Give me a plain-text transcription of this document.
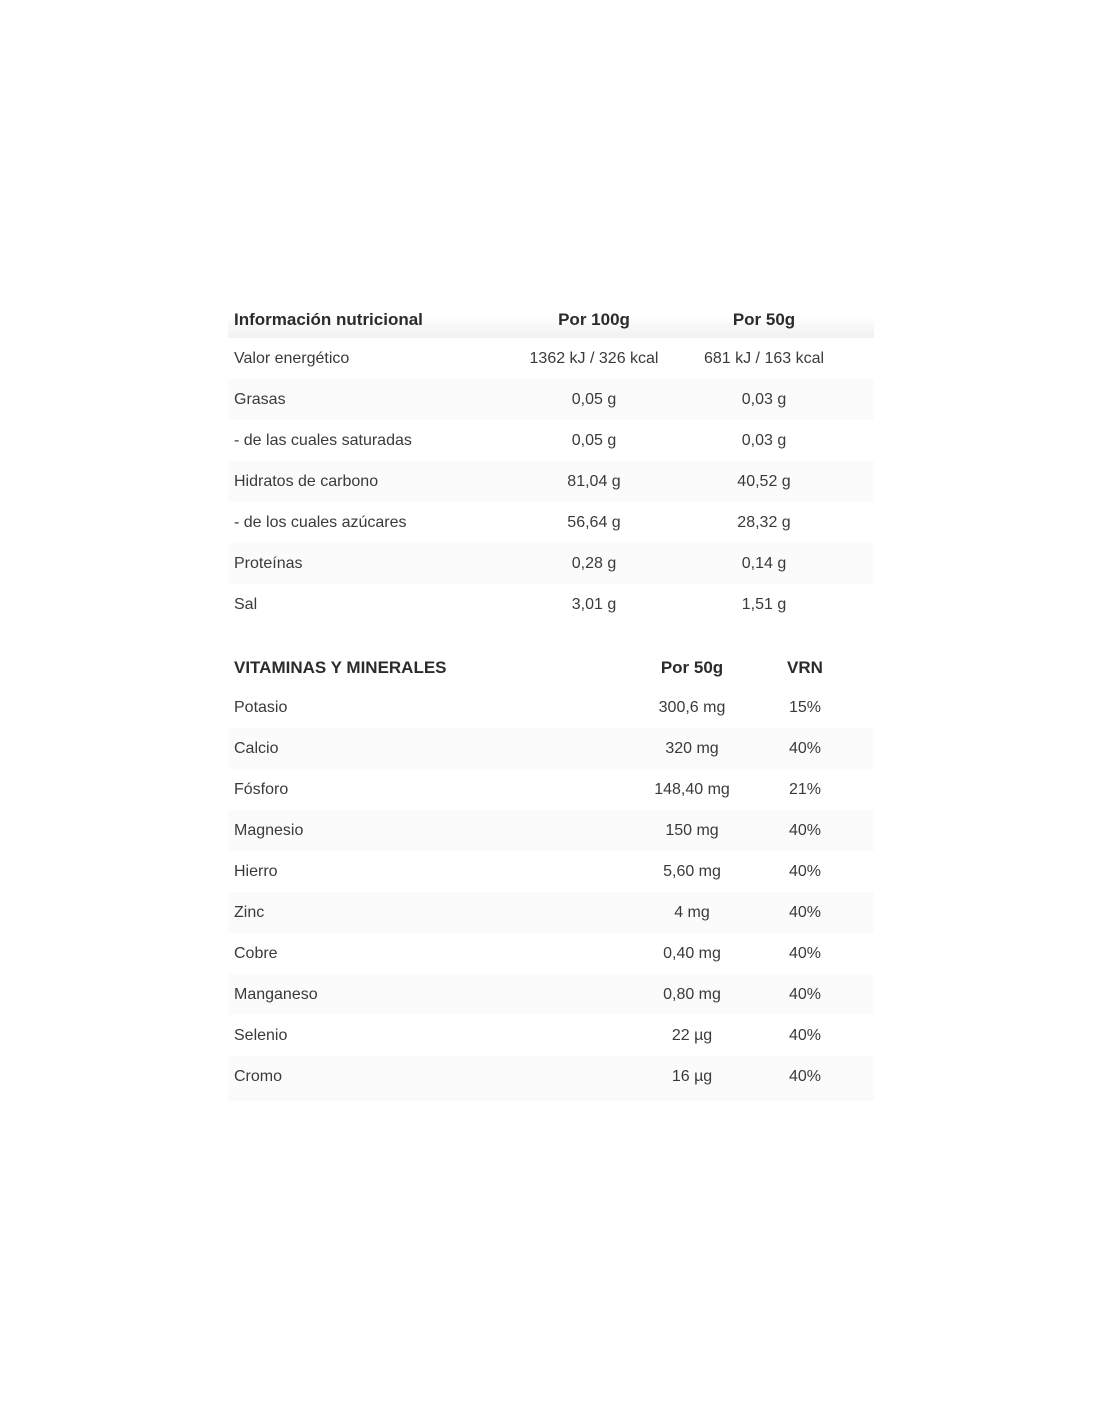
Información nutricional	Por 100g	Por 50g
Valor energético	1362 kJ / 326 kcal	681 kJ / 163 kcal
Grasas	0,05 g	0,03 g
- de las cuales saturadas	0,05 g	0,03 g
Hidratos de carbono	81,04 g	40,52 g
- de los cuales azúcares	56,64 g	28,32 g
Proteínas	0,28 g	0,14 g
Sal	3,01 g	1,51 g
VITAMINAS Y MINERALES	Por 50g	VRN
Potasio	300,6 mg	15%
Calcio	320 mg	40%
Fósforo	148,40 mg	21%
Magnesio	150 mg	40%
Hierro	5,60 mg	40%
Zinc	4 mg	40%
Cobre	0,40 mg	40%
Manganeso	0,80 mg	40%
Selenio	22 µg	40%
Cromo	16 µg	40%
